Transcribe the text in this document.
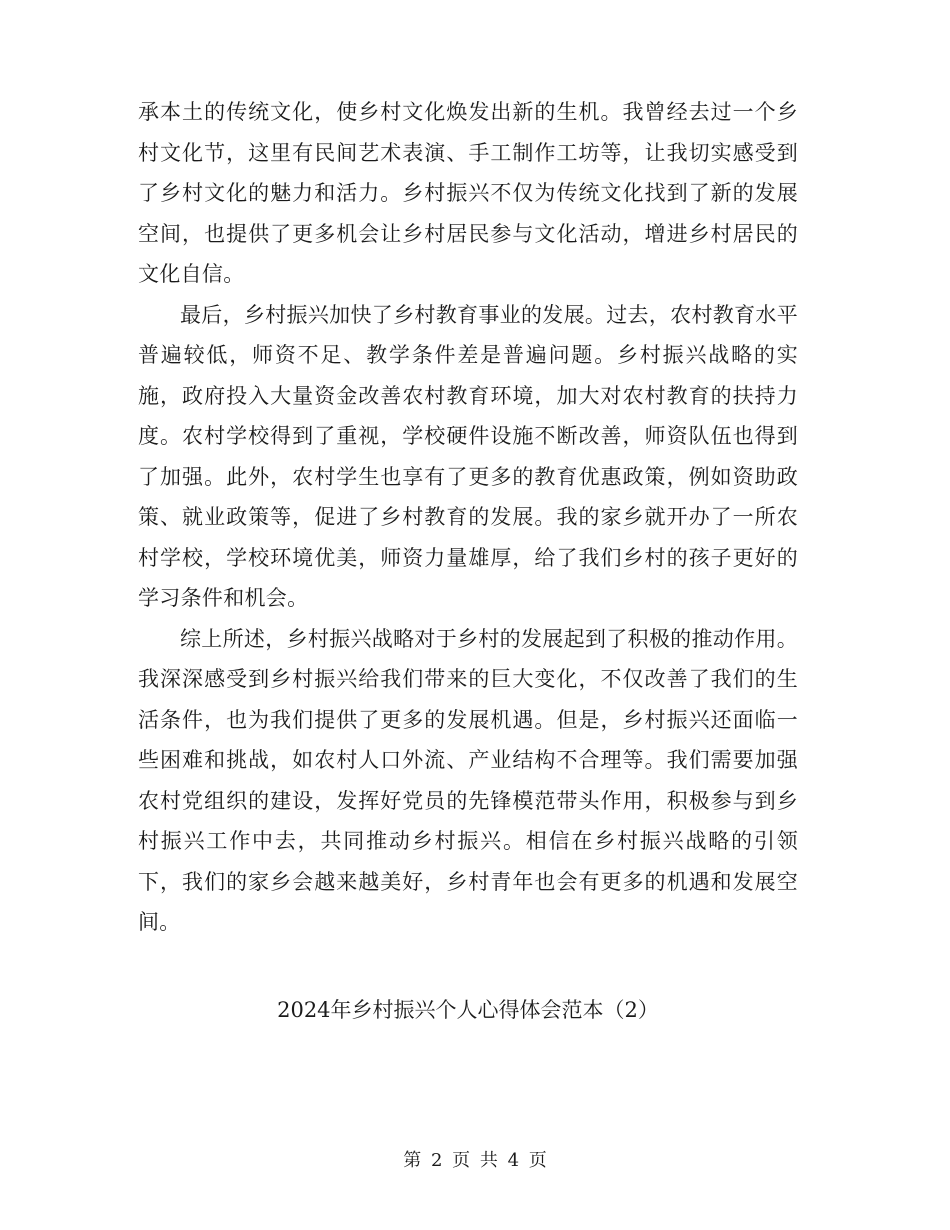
承本土的传统文化，使乡村文化焕发出新的生机。我曾经去过一个乡村文化节，这里有民间艺术表演、手工制作工坊等，让我切实感受到了乡村文化的魅力和活力。乡村振兴不仅为传统文化找到了新的发展空间，也提供了更多机会让乡村居民参与文化活动，增进乡村居民的文化自信。

最后，乡村振兴加快了乡村教育事业的发展。过去，农村教育水平普遍较低，师资不足、教学条件差是普遍问题。乡村振兴战略的实施，政府投入大量资金改善农村教育环境，加大对农村教育的扶持力度。农村学校得到了重视，学校硬件设施不断改善，师资队伍也得到了加强。此外，农村学生也享有了更多的教育优惠政策，例如资助政策、就业政策等，促进了乡村教育的发展。我的家乡就开办了一所农村学校，学校环境优美，师资力量雄厚，给了我们乡村的孩子更好的学习条件和机会。

综上所述，乡村振兴战略对于乡村的发展起到了积极的推动作用。我深深感受到乡村振兴给我们带来的巨大变化，不仅改善了我们的生活条件，也为我们提供了更多的发展机遇。但是，乡村振兴还面临一些困难和挑战，如农村人口外流、产业结构不合理等。我们需要加强农村党组织的建设，发挥好党员的先锋模范带头作用，积极参与到乡村振兴工作中去，共同推动乡村振兴。相信在乡村振兴战略的引领下，我们的家乡会越来越美好，乡村青年也会有更多的机遇和发展空间。

2024年乡村振兴个人心得体会范本（2）
第 2 页 共 4 页
